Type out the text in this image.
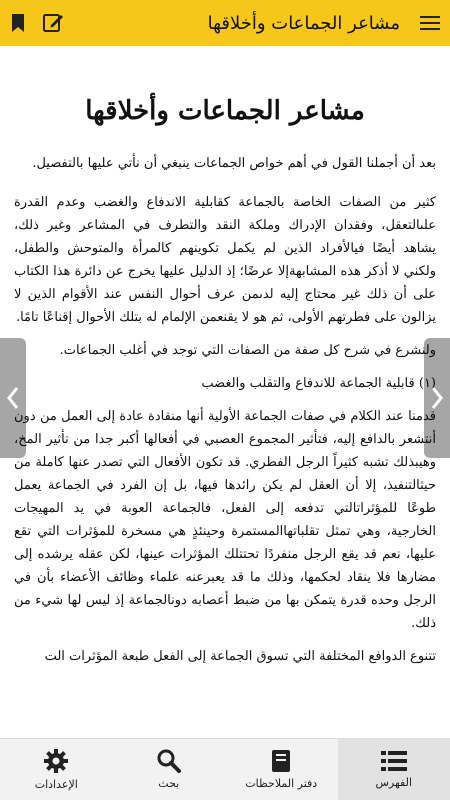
مشاعر الجماعات وأخلاقها
مشاعر الجماعات وأخلاقها

بعد أن أجملنا القول في أهم خواص الجماعات ينبغي أن نأتي عليها بالتفصيل.

كثير من الصفات الخاصة بالجماعة كقابلية الاندفاع والغضب وعدم القدرة علىالتعقل، وفقدان الإدراك وملكة النقد والتطرف في المشاعر وغير ذلك، يشاهد أيضًا فيالأفراد الذين لم يكمل تكوينهم كالمرأة والمتوحش والطفل، ولكني لا أذكر هذه المشابهةإلا عرضًا؛ إذ الدليل عليها يخرج عن دائرة هذا الكتاب على أن ذلك غير محتاج إليه لدىمن عرف أحوال النفس عند الأقوام الذين لا يزالون على فطرتهم الأولى، ثم هو لا يقنعمن الإلمام له بتلك الأحوال إقناعًا تامًا.

ولنشرع في شرح كل صفة من الصفات التي توجد في أغلب الجماعات.

(١) قابلية الجماعة للاندفاع والتقلب والغضب

قدمنا عند الكلام في صفات الجماعة الأولية أنها منقادة عادة إلى العمل من دون أنتشعر بالدافع إليه، فتأثير المجموع العصبي في أفعالها أكبر جدا من تأثير المخ، وهيبذلك تشبه كثيراً الرجل الفطري. قد تكون الأفعال التي تصدر عنها كاملة من حيثالتنفيذ، إلا أن العقل لم يكن رائدها فيها، بل إن الفرد في الجماعة يعمل طوعًا للمؤثراتالتي تدفعه إلى الفعل، فالجماعة العوبة في يد المهيجات الخارجية، وهي تمثل تقلباتهاالمستمرة وحينئذٍ هي مسخرة للمؤثرات التي تقع عليها، نعم قد يقع الرجل منفردًا تحتتلك المؤثرات عينها، لكن عقله يرشده إلى مضارها فلا ينقاد لحكمها، وذلك ما قد يعبرعنه علماء وظائف الأعضاء بأن في الرجل وحده قدرة يتمكن بها من ضبط أعصابه دونالجماعة إذ ليس لها شيء من ذلك.

تتنوع الدوافع المختلفة التي تسوق الجماعة إلى الفعل طبعة المؤثرات الت

الفهرس
دفتر الملاحظات
بحث
الإعدادات
